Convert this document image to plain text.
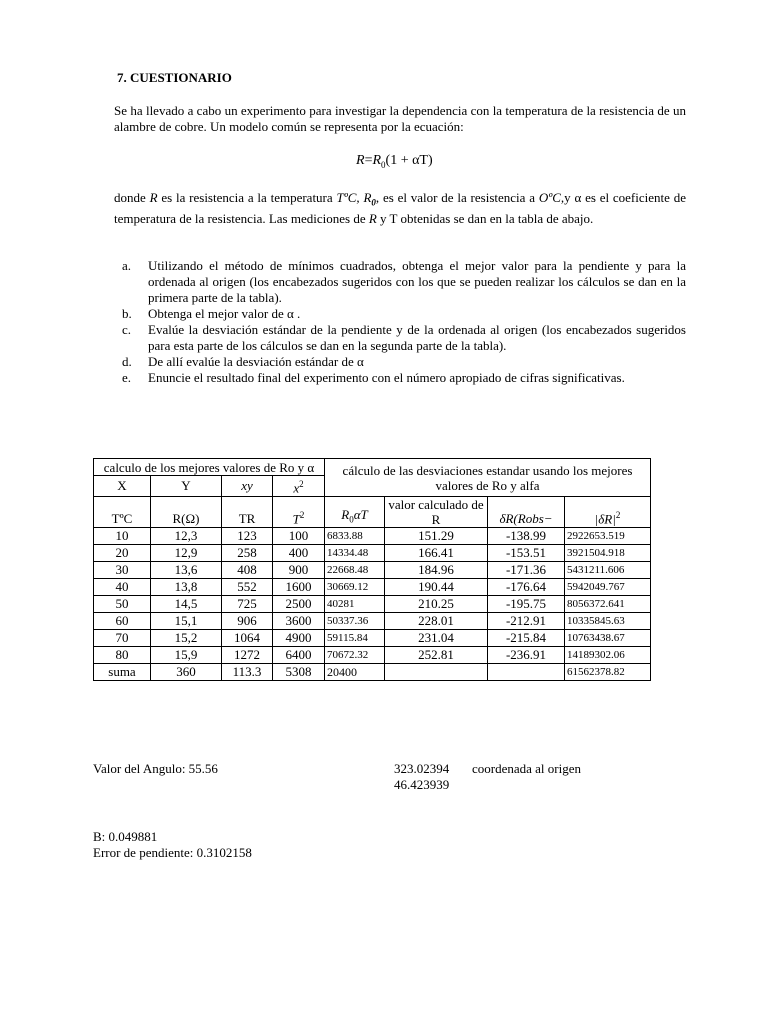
7. CUESTIONARIO
Se ha llevado a cabo un experimento para investigar la dependencia con la temperatura de la resistencia de un alambre de cobre. Un modelo común se representa por la ecuación:
$R=R_0(1 + \alpha T)$
donde R es la resistencia a la temperatura TºC, $R_0$, es el valor de la resistencia a OºC,y α es el coeficiente de temperatura de la resistencia. Las mediciones de R y T obtenidas se dan en la tabla de abajo.
a.	Utilizando el método de mínimos cuadrados, obtenga el mejor valor para la pendiente y para la ordenada al origen (los encabezados sugeridos con los que se pueden realizar los cálculos se dan en la primera parte de la tabla).
b.	Obtenga el mejor valor de α .
c.	Evalúe la desviación estándar de la pendiente y de la ordenada al origen (los encabezados sugeridos para esta parte de los cálculos se dan en la segunda parte de la tabla).
d.	De allí evalúe la desviación estándar de α
e.	Enuncie el resultado final del experimento con el número apropiado de cifras significativas.
calculo de los mejores valores de Ro y α				cálculo de las desviaciones estandar usando los mejores valores de Ro y alfa			
X	Y	xy	$x^2$
TºC	R(Ω)	TR	$T^2$	$R_0\alpha T$	valor calculado de R	δR(Robs−	$|\delta R|^2$
10	12,3	123	100	6833.88	151.29	-138.99	2922653.519
20	12,9	258	400	14334.48	166.41	-153.51	3921504.918
30	13,6	408	900	22668.48	184.96	-171.36	5431211.606
40	13,8	552	1600	30669.12	190.44	-176.64	5942049.767
50	14,5	725	2500	40281	210.25	-195.75	8056372.641
60	15,1	906	3600	50337.36	228.01	-212.91	10335845.63
70	15,2	1064	4900	59115.84	231.04	-215.84	10763438.67
80	15,9	1272	6400	70672.32	252.81	-236.91	14189302.06
suma	360	113.3	5308	20400			61562378.82
Valor del Angulo: 55.56	323.02394 coordenada al origen
46.423939
B: 0.049881
Error de pendiente: 0.3102158
